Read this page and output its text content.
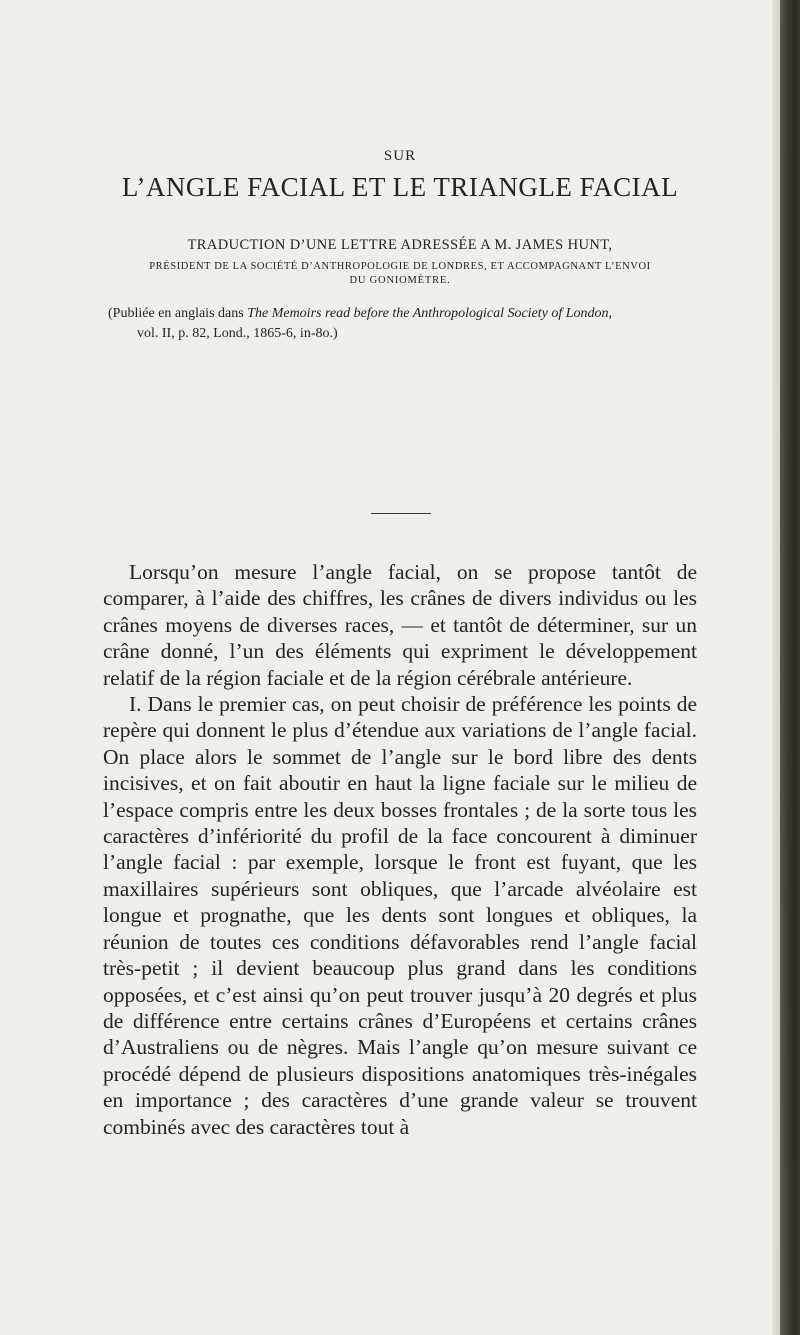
SUR
L’ANGLE FACIAL ET LE TRIANGLE FACIAL
TRADUCTION D’UNE LETTRE ADRESSÉE A M. JAMES HUNT,
PRÉSIDENT DE LA SOCIÉTÉ D’ANTHROPOLOGIE DE LONDRES, ET ACCOMPAGNANT L’ENVOI
DU GONIOMÈTRE.
(Publiée en anglais dans The Memoirs read before the Anthropological Society of London,
vol. II, p. 82, Lond., 1865-6, in-8o.)

Lorsqu’on mesure l’angle facial, on se propose tantôt de comparer, à l’aide des chiffres, les crânes de divers individus ou les crânes moyens de diverses races, — et tantôt de déterminer, sur un crâne donné, l’un des éléments qui expriment le développement relatif de la région faciale et de la région cérébrale antérieure.

I. Dans le premier cas, on peut choisir de préférence les points de repère qui donnent le plus d’étendue aux variations de l’angle facial. On place alors le sommet de l’angle sur le bord libre des dents incisives, et on fait aboutir en haut la ligne faciale sur le milieu de l’espace compris entre les deux bosses frontales ; de la sorte tous les caractères d’infériorité du profil de la face concourent à diminuer l’angle facial : par exemple, lorsque le front est fuyant, que les maxillaires supérieurs sont obliques, que l’arcade alvéolaire est longue et prognathe, que les dents sont longues et obliques, la réunion de toutes ces conditions défavorables rend l’angle facial très-petit ; il devient beaucoup plus grand dans les conditions opposées, et c’est ainsi qu’on peut trouver jusqu’à 20 degrés et plus de différence entre certains crânes d’Européens et certains crânes d’Australiens ou de nègres. Mais l’angle qu’on mesure suivant ce procédé dépend de plusieurs dispositions anatomiques très-inégales en importance ; des caractères d’une grande valeur se trouvent combinés avec des caractères tout à
